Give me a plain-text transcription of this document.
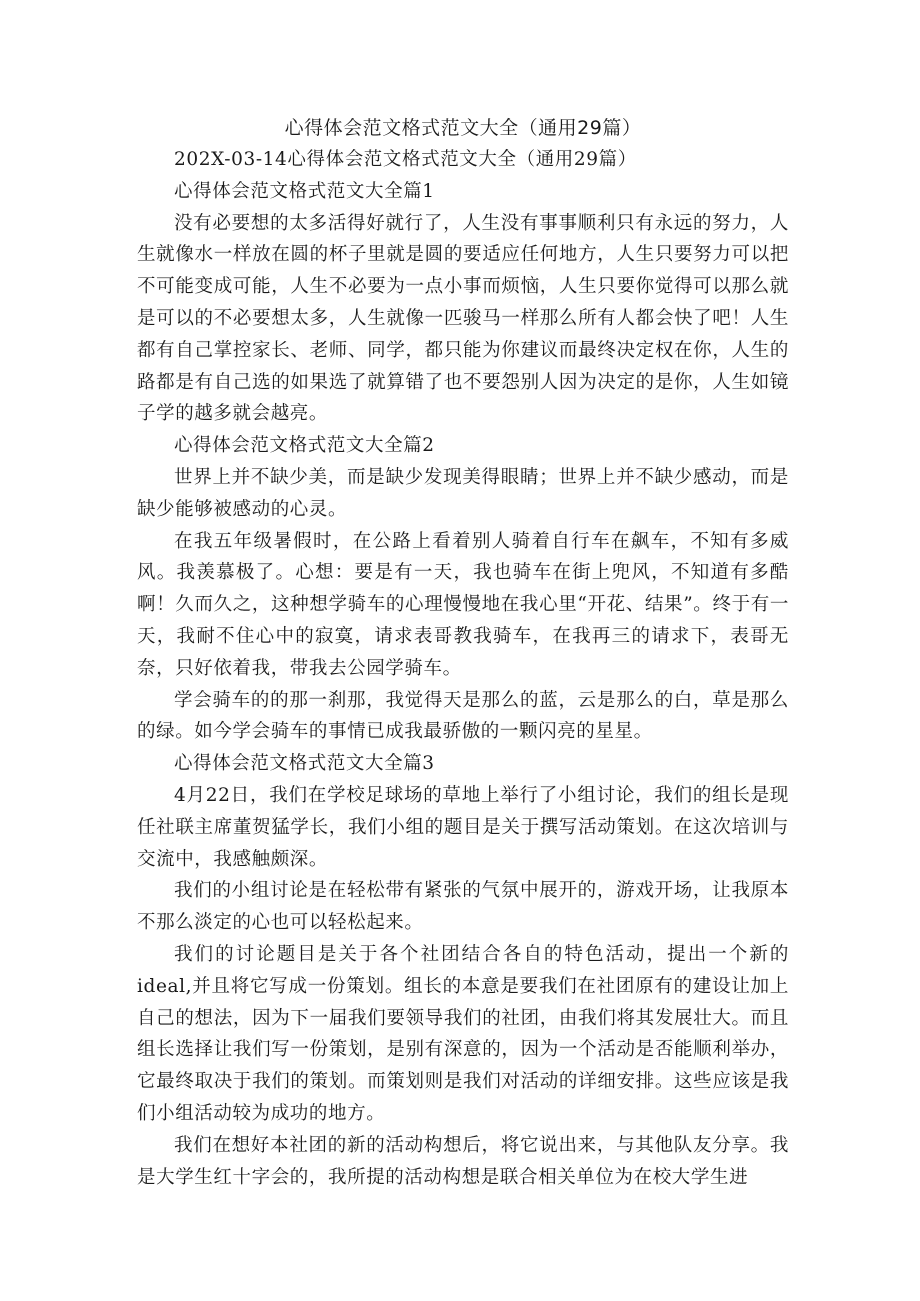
心得体会范文格式范文大全（通用29篇）

202X-03-14心得体会范文格式范文大全（通用29篇）

心得体会范文格式范文大全篇1

没有必要想的太多活得好就行了，人生没有事事顺利只有永远的努力，人生就像水一样放在圆的杯子里就是圆的要适应任何地方，人生只要努力可以把不可能变成可能，人生不必要为一点小事而烦恼，人生只要你觉得可以那么就是可以的不必要想太多，人生就像一匹骏马一样那么所有人都会快了吧！人生都有自己掌控家长、老师、同学，都只能为你建议而最终决定权在你，人生的路都是有自己选的如果选了就算错了也不要怨别人因为决定的是你，人生如镜子学的越多就会越亮。

心得体会范文格式范文大全篇2

世界上并不缺少美，而是缺少发现美得眼睛；世界上并不缺少感动，而是缺少能够被感动的心灵。

在我五年级暑假时，在公路上看着别人骑着自行车在飙车，不知有多威风。我羡慕极了。心想：要是有一天，我也骑车在街上兜风，不知道有多酷啊！久而久之，这种想学骑车的心理慢慢地在我心里“开花、结果”。终于有一天，我耐不住心中的寂寞，请求表哥教我骑车，在我再三的请求下，表哥无奈，只好依着我，带我去公园学骑车。

学会骑车的的那一刹那，我觉得天是那么的蓝，云是那么的白，草是那么的绿。如今学会骑车的事情已成我最骄傲的一颗闪亮的星星。

心得体会范文格式范文大全篇3

4月22日，我们在学校足球场的草地上举行了小组讨论，我们的组长是现任社联主席董贺猛学长，我们小组的题目是关于撰写活动策划。在这次培训与交流中，我感触颇深。

我们的小组讨论是在轻松带有紧张的气氛中展开的，游戏开场，让我原本不那么淡定的心也可以轻松起来。

我们的讨论题目是关于各个社团结合各自的特色活动，提出一个新的ideal,并且将它写成一份策划。组长的本意是要我们在社团原有的建设让加上自己的想法，因为下一届我们要领导我们的社团，由我们将其发展壮大。而且组长选择让我们写一份策划，是别有深意的，因为一个活动是否能顺利举办，它最终取决于我们的策划。而策划则是我们对活动的详细安排。这些应该是我们小组活动较为成功的地方。

我们在想好本社团的新的活动构想后，将它说出来，与其他队友分享。我是大学生红十字会的，我所提的活动构想是联合相关单位为在校大学生进
